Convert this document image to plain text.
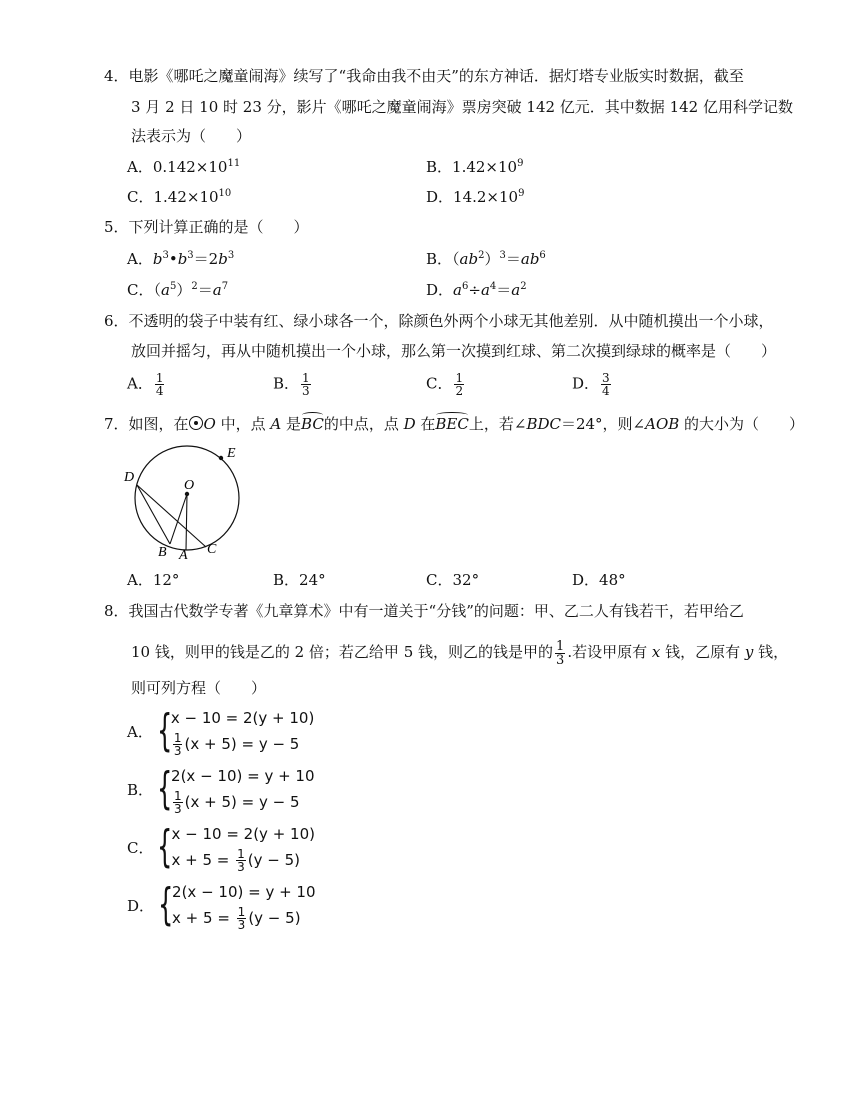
4．电影《哪吒之魔童闹海》续写了“我命由我不由天”的东方神话．据灯塔专业版实时数据，截至
3 月 2 日 10 时 23 分，影片《哪吒之魔童闹海》票房突破 142 亿元．其中数据 142 亿用科学记数
法表示为（　　）
A．$0.142\times 10^{11}$	B．$1.42\times 10^9$
C．$1.42\times 10^{10}$	D．$14.2\times 10^9$
5．下列计算正确的是（　　）
A．$b^3•b^3=2b^3$	B．$(ab^2)^3=ab^6$
C．$(a^5)^2=a^7$	D．$a^6\div a^4=a^2$
6．不透明的袋子中装有红、绿小球各一个，除颜色外两个小球无其他差别．从中随机摸出一个小球，
放回并摇匀，再从中随机摸出一个小球，那么第一次摸到红球、第二次摸到绿球的概率是（　　）
A． $\frac{1}{4}$	B． $\frac{1}{3}$	C． $\frac{1}{2}$	D． $\frac{3}{4}$
7．如图，在 O 中，点 A 是BC的中点，点 D 在BEC上，若∠BDC＝24°，则∠AOB 的大小为（　　）
D
E
O
B A C
A．12°	B．24°	C．32°	D．48°
8．我国古代数学专著《九章算术》中有一道关于“分钱”的问题：甲、乙二人有钱若干，若甲给乙
10 钱，则甲的钱是乙的 2 倍；若乙给甲 5 钱，则乙的钱是甲的 $\frac{1}{3}$ .若设甲原有 x 钱，乙原有 y 钱，
则可列方程（　　）
A． {
x − 10 = 2(y + 10)
$\frac{1}{3} (x + 5) = y - 5$
B． {
2(x − 10) = y + 10
$\frac{1}{3} (x + 5) = y - 5$
C． {
x − 10 = 2(y + 10)
$x + 5 = \frac{1}{3} (y - 5)$
D． {
2(x − 10) = y + 10
$x + 5 = \frac{1}{3} (y - 5)$
